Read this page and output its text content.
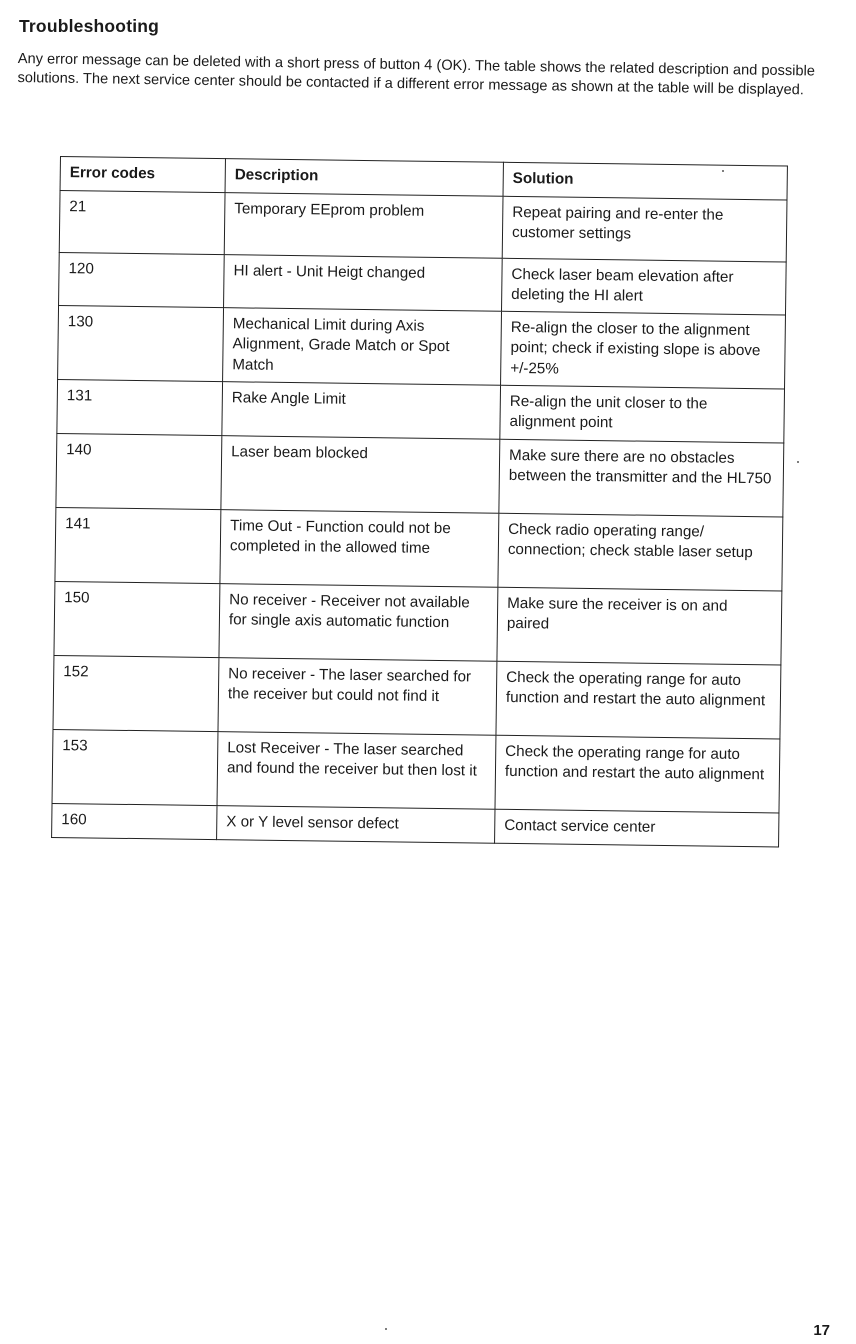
Troubleshooting
Any error message can be deleted with a short press of button 4 (OK). The table shows the related description and possible solutions. The next service center should be contacted if a different error message as shown at the table will be displayed.
Error codes	Description	Solution
21	Temporary EEprom problem	Repeat pairing and re-enter the customer settings
120	HI alert - Unit Heigt changed	Check laser beam elevation after deleting the HI alert
130	Mechanical Limit during Axis Alignment, Grade Match or Spot Match	Re-align the closer to the alignment point; check if existing slope is above +/-25%
131	Rake Angle Limit	Re-align the unit closer to the alignment point
140	Laser beam blocked	Make sure there are no obstacles between the transmitter and the HL750
141	Time Out - Function could not be completed in the allowed time	Check radio operating range/ connection; check stable laser setup
150	No receiver - Receiver not available for single axis automatic function	Make sure the receiver is on and paired
152	No receiver - The laser searched for the receiver but could not find it	Check the operating range for auto function and restart the auto alignment
153	Lost Receiver - The laser searched and found the receiver but then lost it	Check the operating range for auto function and restart the auto alignment
160	X or Y level sensor defect	Contact service center
17
